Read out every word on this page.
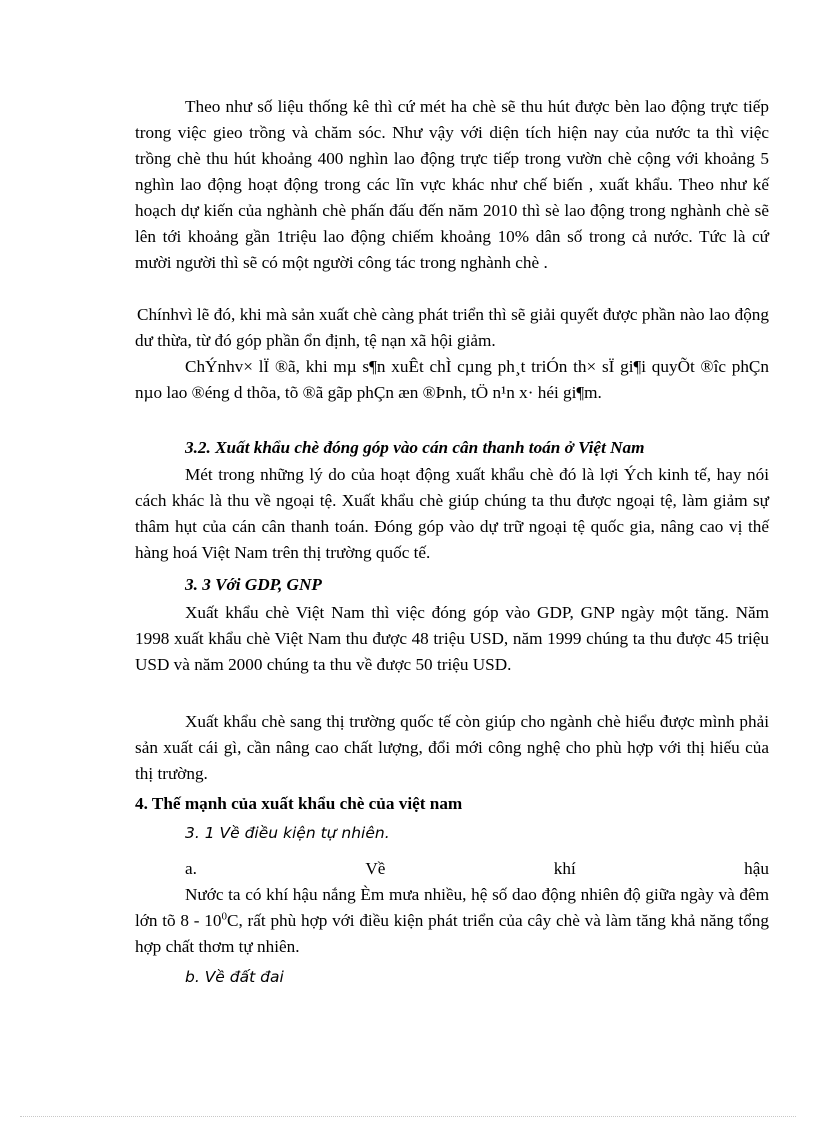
Theo như số liệu thống kê thì cứ mét ha chè sẽ thu hút được bèn lao động trực tiếp trong việc gieo trồng và chăm sóc. Như vậy với diện tích hiện nay của nước ta thì việc trồng chè thu hút khoảng 400 nghìn lao động trực tiếp trong vườn chè cộng với khoảng 5 nghìn lao động hoạt động trong các lĩn vực khác như chế biến , xuất khẩu. Theo như kế hoạch dự kiến của nghành chè phấn đấu đến năm 2010 thì sè lao động trong nghành chè sẽ lên tới khoảng gần 1triệu lao động chiếm khoảng 10% dân số trong cả nước. Tức là cứ mười người thì sẽ có một người công tác trong nghành chè .

Chínhvì lẽ đó, khi mà sản xuất chè càng phát triển thì sẽ giải quyết được phần nào lao động dư thừa, từ đó góp phần ổn định, tệ nạn xã hội giảm.

ChÝnhv× lÏ ®ã, khi mµ s¶n xuÊt chÌ cµng ph¸t triÓn th× sÏ gi¶i quyÕt ®îc phÇn nµo lao ®éng d thõa, tõ ®ã gãp phÇn æn ®Þnh, tÖ n¹n x· héi gi¶m.

3.2. Xuất khẩu chè đóng góp vào cán cân thanh toán ở Việt Nam

Mét trong những lý do của hoạt động xuất khẩu chè đó là lợi Ých kinh tế, hay nói cách khác là thu về ngoại tệ. Xuất khẩu chè giúp chúng ta thu được ngoại tệ, làm giảm sự thâm hụt của cán cân thanh toán. Đóng góp vào dự trữ ngoại tệ quốc gia, nâng cao vị thế hàng hoá Việt Nam trên thị trường quốc tế.

3. 3 Với GDP, GNP

Xuất khẩu chè Việt Nam thì việc đóng góp vào GDP, GNP ngày một tăng. Năm 1998 xuất khẩu chè Việt Nam thu được 48 triệu USD, năm 1999 chúng ta thu được 45 triệu USD và năm 2000 chúng ta thu về được 50 triệu USD.

Xuất khẩu chè sang thị trường quốc tế còn giúp cho ngành chè hiểu được mình phải sản xuất cái gì, cần nâng cao chất lượng, đổi mới công nghệ cho phù hợp với thị hiếu của thị trường.

4. Thế mạnh của xuất khẩu chè của việt nam

3. 1 Về điều kiện tự nhiên.

a.	Về	khí	hậu

Nước ta có khí hậu nắng Èm mưa nhiều, hệ số dao động nhiên độ giữa ngày và đêm lớn tõ $8 - 10^0C$, rất phù hợp với điều kiện phát triển của cây chè và làm tăng khả năng tổng hợp chất thơm tự nhiên.

b. Về đất đai
